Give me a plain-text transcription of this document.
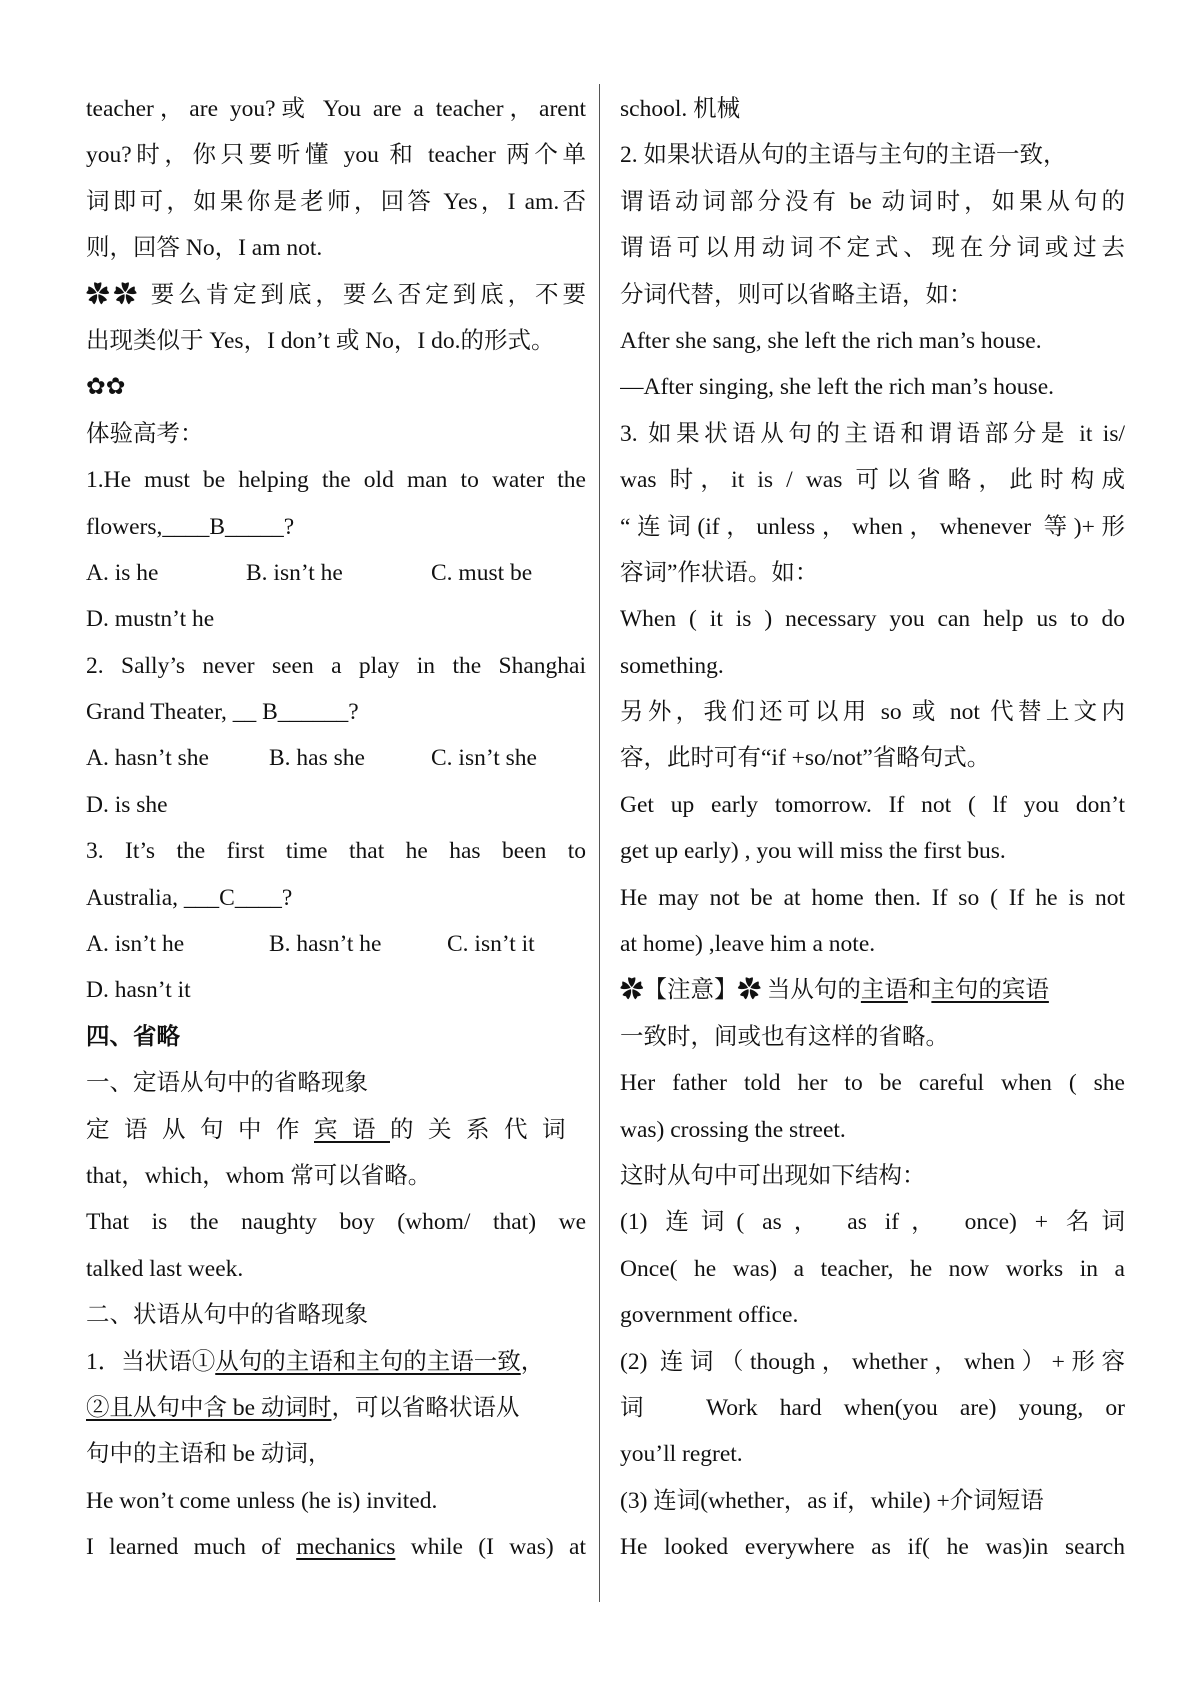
teacher，are you?或 You are a teacher，arent
you?时，你只要听懂 you 和 teacher 两个单
词即可，如果你是老师，回答 Yes，I am.否
则，回答 No，I am not.
✿✿ 要么肯定到底，要么否定到底，不要
出现类似于 Yes，I don’t 或 No，I do.的形式。
✿✿
体验高考：
1.He must be helping the old man to water the
flowers,____B_____?
A. is he	B. isn’t he	C. must be
D. mustn’t he
2. Sally’s never seen a play in the Shanghai
Grand Theater, __ B______?
A. hasn’t she	B. has she	C. isn’t she
D. is she
3. It’s the first time that he has been to
Australia, ___C____?
A. isn’t he	B. hasn’t he	C. isn’t it
D. hasn’t it
四、省略
一、定语从句中的省略现象
定语从句中作宾语的关系代词
that，which，whom 常可以省略。
That is the naughty boy (whom/ that) we
talked last week.
二、状语从句中的省略现象
1．当状语①从句的主语和主句的主语一致，
②且从句中含 be 动词时，可以省略状语从
句中的主语和 be 动词，
He won’t come unless (he is) invited.
I learned much of mechanics while (I was) at
school. 机械
2. 如果状语从句的主语与主句的主语一致，
谓语动词部分没有 be 动词时，如果从句的
谓语可以用动词不定式、现在分词或过去
分词代替，则可以省略主语，如：
After she sang, she left the rich man’s house.
—After singing, she left the rich man’s house.
3. 如果状语从句的主语和谓语部分是 it is/
was 时，it is / was 可以省略，此时构成
“连词(if，unless，when，whenever 等)+形
容词”作状语。如：
When ( it is ) necessary you can help us to do
something.
另外，我们还可以用 so 或 not 代替上文内
容，此时可有“if +so/not”省略句式。
Get up early tomorrow. If not ( lf you don’t
get up early) , you will miss the first bus.
He may not be at home then. If so ( If he is not
at home) ,leave him a note.
✿【注意】✿ 当从句的主语和主句的宾语
一致时，间或也有这样的省略。
Her father told her to be careful when ( she
was) crossing the street.
这时从句中可出现如下结构：
(1) 连词( as， as if， once) + 名词
Once( he was) a teacher, he now works in a
government office.
(2) 连词（though，whether，when）+形容
词	Work hard when(you are) young, or
you’ll regret.
(3) 连词(whether，as if，while) +介词短语
He looked everywhere as if( he was)in search
